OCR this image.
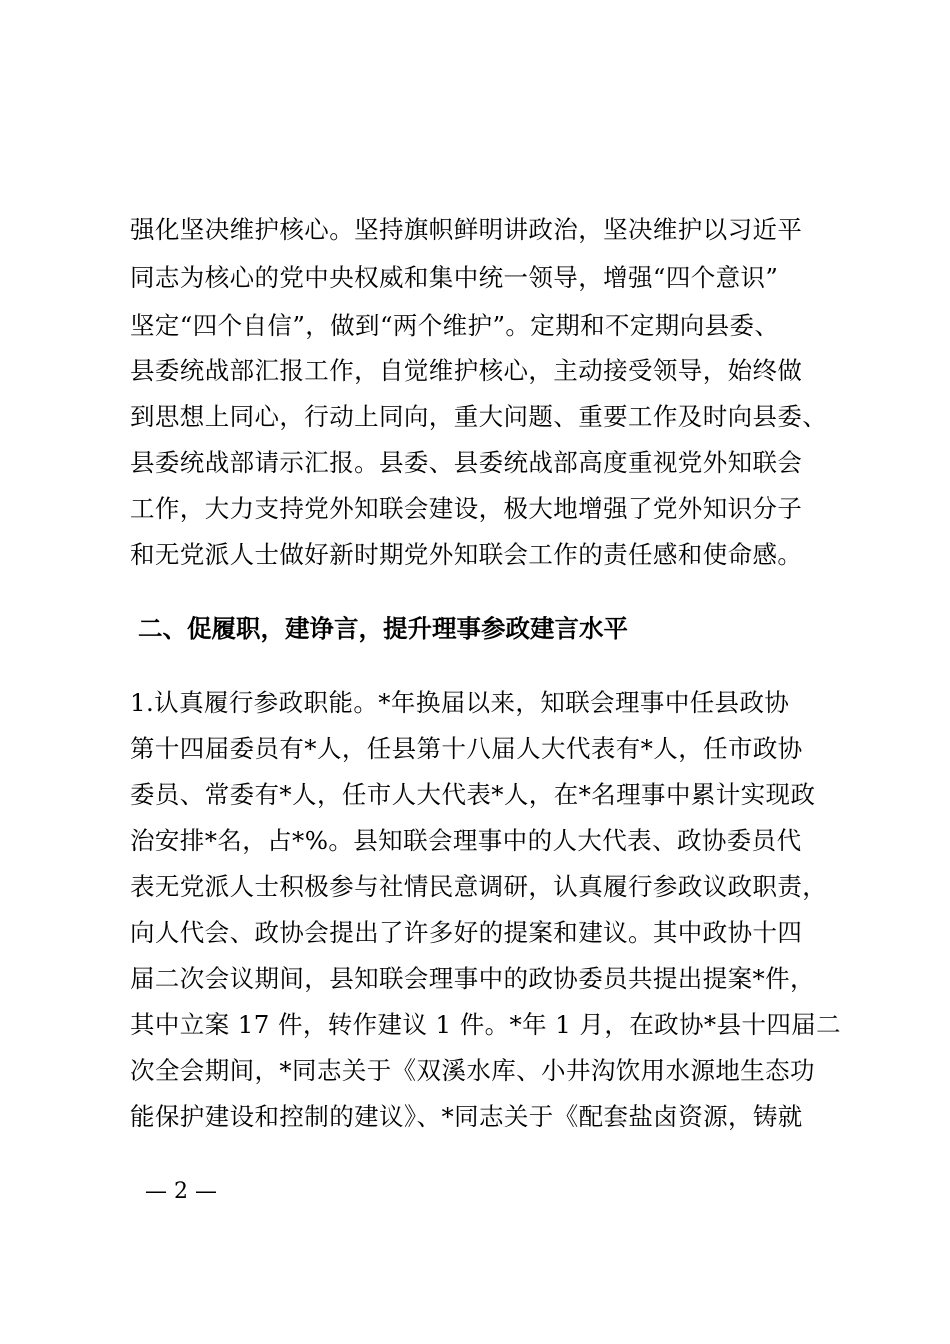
强化坚决维护核心。坚持旗帜鲜明讲政治，坚决维护以习近平
同志为核心的党中央权威和集中统一领导，增强“四个意识”
坚定“四个自信”，做到“两个维护”。定期和不定期向县委、
县委统战部汇报工作，自觉维护核心，主动接受领导，始终做
到思想上同心，行动上同向，重大问题、重要工作及时向县委、
县委统战部请示汇报。县委、县委统战部高度重视党外知联会
工作，大力支持党外知联会建设，极大地增强了党外知识分子
和无党派人士做好新时期党外知联会工作的责任感和使命感。
二、促履职，建诤言，提升理事参政建言水平
1.认真履行参政职能。*年换届以来，知联会理事中任县政协
第十四届委员有*人，任县第十八届人大代表有*人，任市政协
委员、常委有*人，任市人大代表*人，在*名理事中累计实现政
治安排*名，占*%。县知联会理事中的人大代表、政协委员代
表无党派人士积极参与社情民意调研，认真履行参政议政职责，
向人代会、政协会提出了许多好的提案和建议。其中政协十四
届二次会议期间，县知联会理事中的政协委员共提出提案*件，
其中立案 17 件，转作建议 1 件。*年 1 月，在政协*县十四届二
次全会期间，*同志关于《双溪水库、小井沟饮用水源地生态功
能保护建设和控制的建议》、*同志关于《配套盐卤资源，铸就
— 2 —
